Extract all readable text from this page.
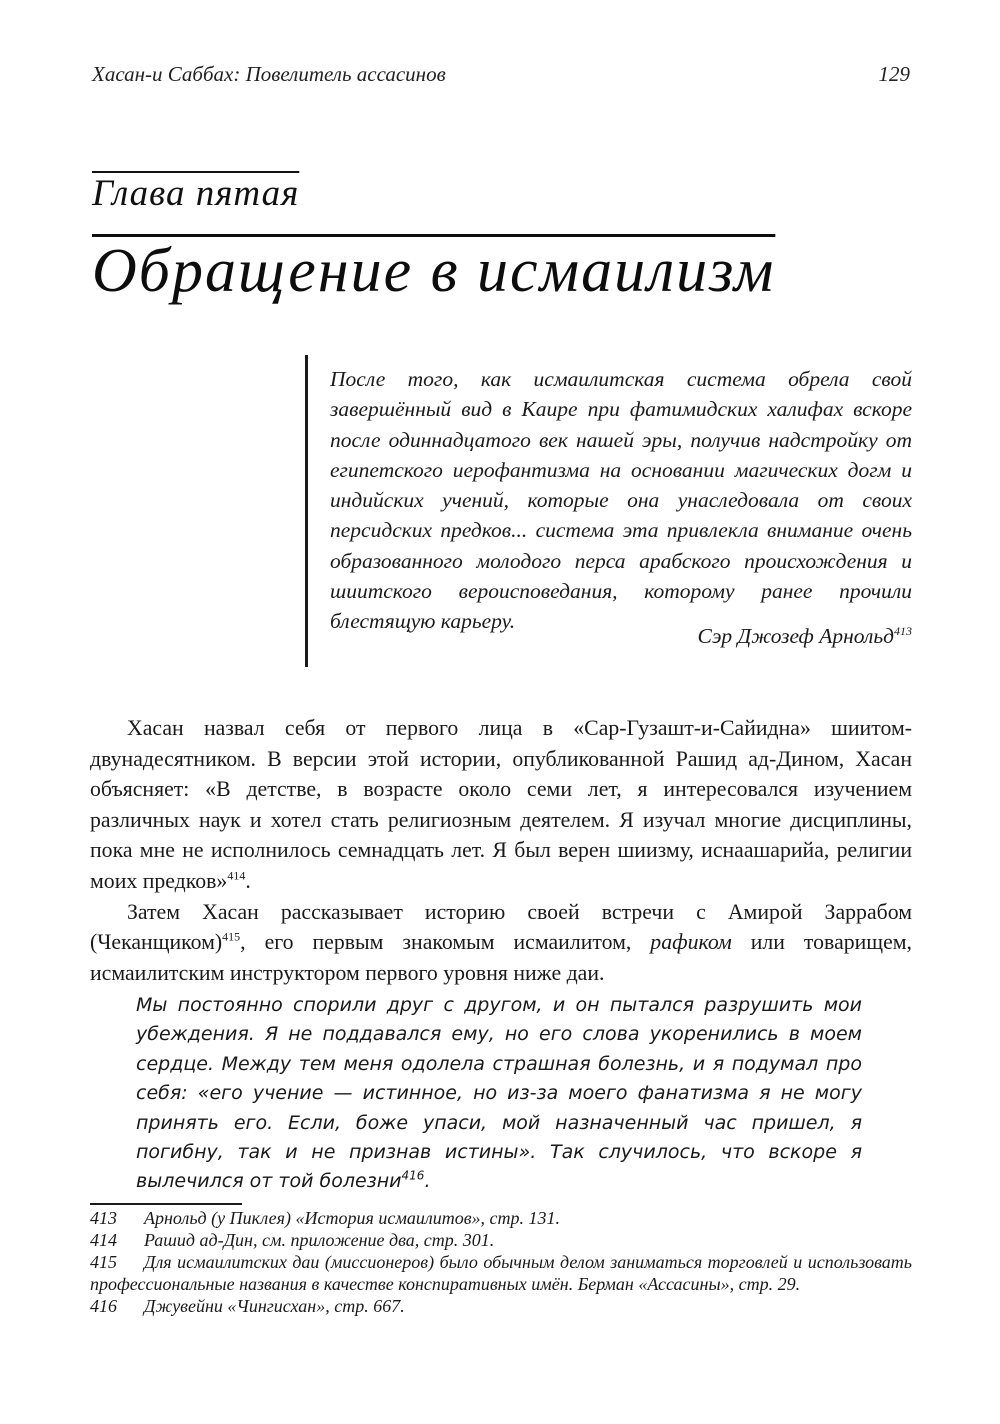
Хасан-и Саббах: Повелитель ассасинов	129
Глава пятая
Обращение в исмаилизм

После того, как исмаилитская система обрела свой завершённый вид в Каире при фатимидских халифах вскоре после одиннадцатого век нашей эры, получив надстройку от египетского иерофантизма на основании магических догм и индийских учений, которые она унаследовала от своих персидских предков... система эта привлекла внимание очень образованного молодого перса арабского происхождения и шиитского вероисповедания, которому ранее прочили блестящую карьеру.

Сэр Джозеф Арнольд$^{413}$

Хасан назвал себя от первого лица в «Сар-Гузашт-и-Сайидна» шиитом-двунадесятником. В версии этой истории, опубликованной Рашид ад-Дином, Хасан объясняет: «В детстве, в возрасте около семи лет, я интересовался изучением различных наук и хотел стать религиозным деятелем. Я изучал многие дисциплины, пока мне не исполнилось семнадцать лет. Я был верен шиизму, иснаашарийа, религии моих предков»$^{414}$.

Затем Хасан рассказывает историю своей встречи с Амирой Заррабом (Чеканщиком)$^{415}$, его первым знакомым исмаилитом, рафиком или товарищем, исмаилитским инструктором первого уровня ниже даи.

Мы постоянно спорили друг с другом, и он пытался разрушить мои убеждения. Я не поддавался ему, но его слова укоренились в моем сердце. Между тем меня одолела страшная болезнь, и я подумал про себя: «его учение — истинное, но из-за моего фанатизма я не могу принять его. Если, боже упаси, мой назначенный час пришел, я погибну, так и не признав истины». Так случилось, что вскоре я вылечился от той болезни$^{416}$.

413	Арнольд (у Пиклея) «История исмаилитов», стр. 131.
414	Рашид ад-Дин, см. приложение два, стр. 301.
415 Для исмаилитских даи (миссионеров) было обычным делом заниматься торговлей и использовать профессиональные названия в качестве конспиративных имён. Берман «Ассасины», стр. 29.
416	Джувейни «Чингисхан», стр. 667.
